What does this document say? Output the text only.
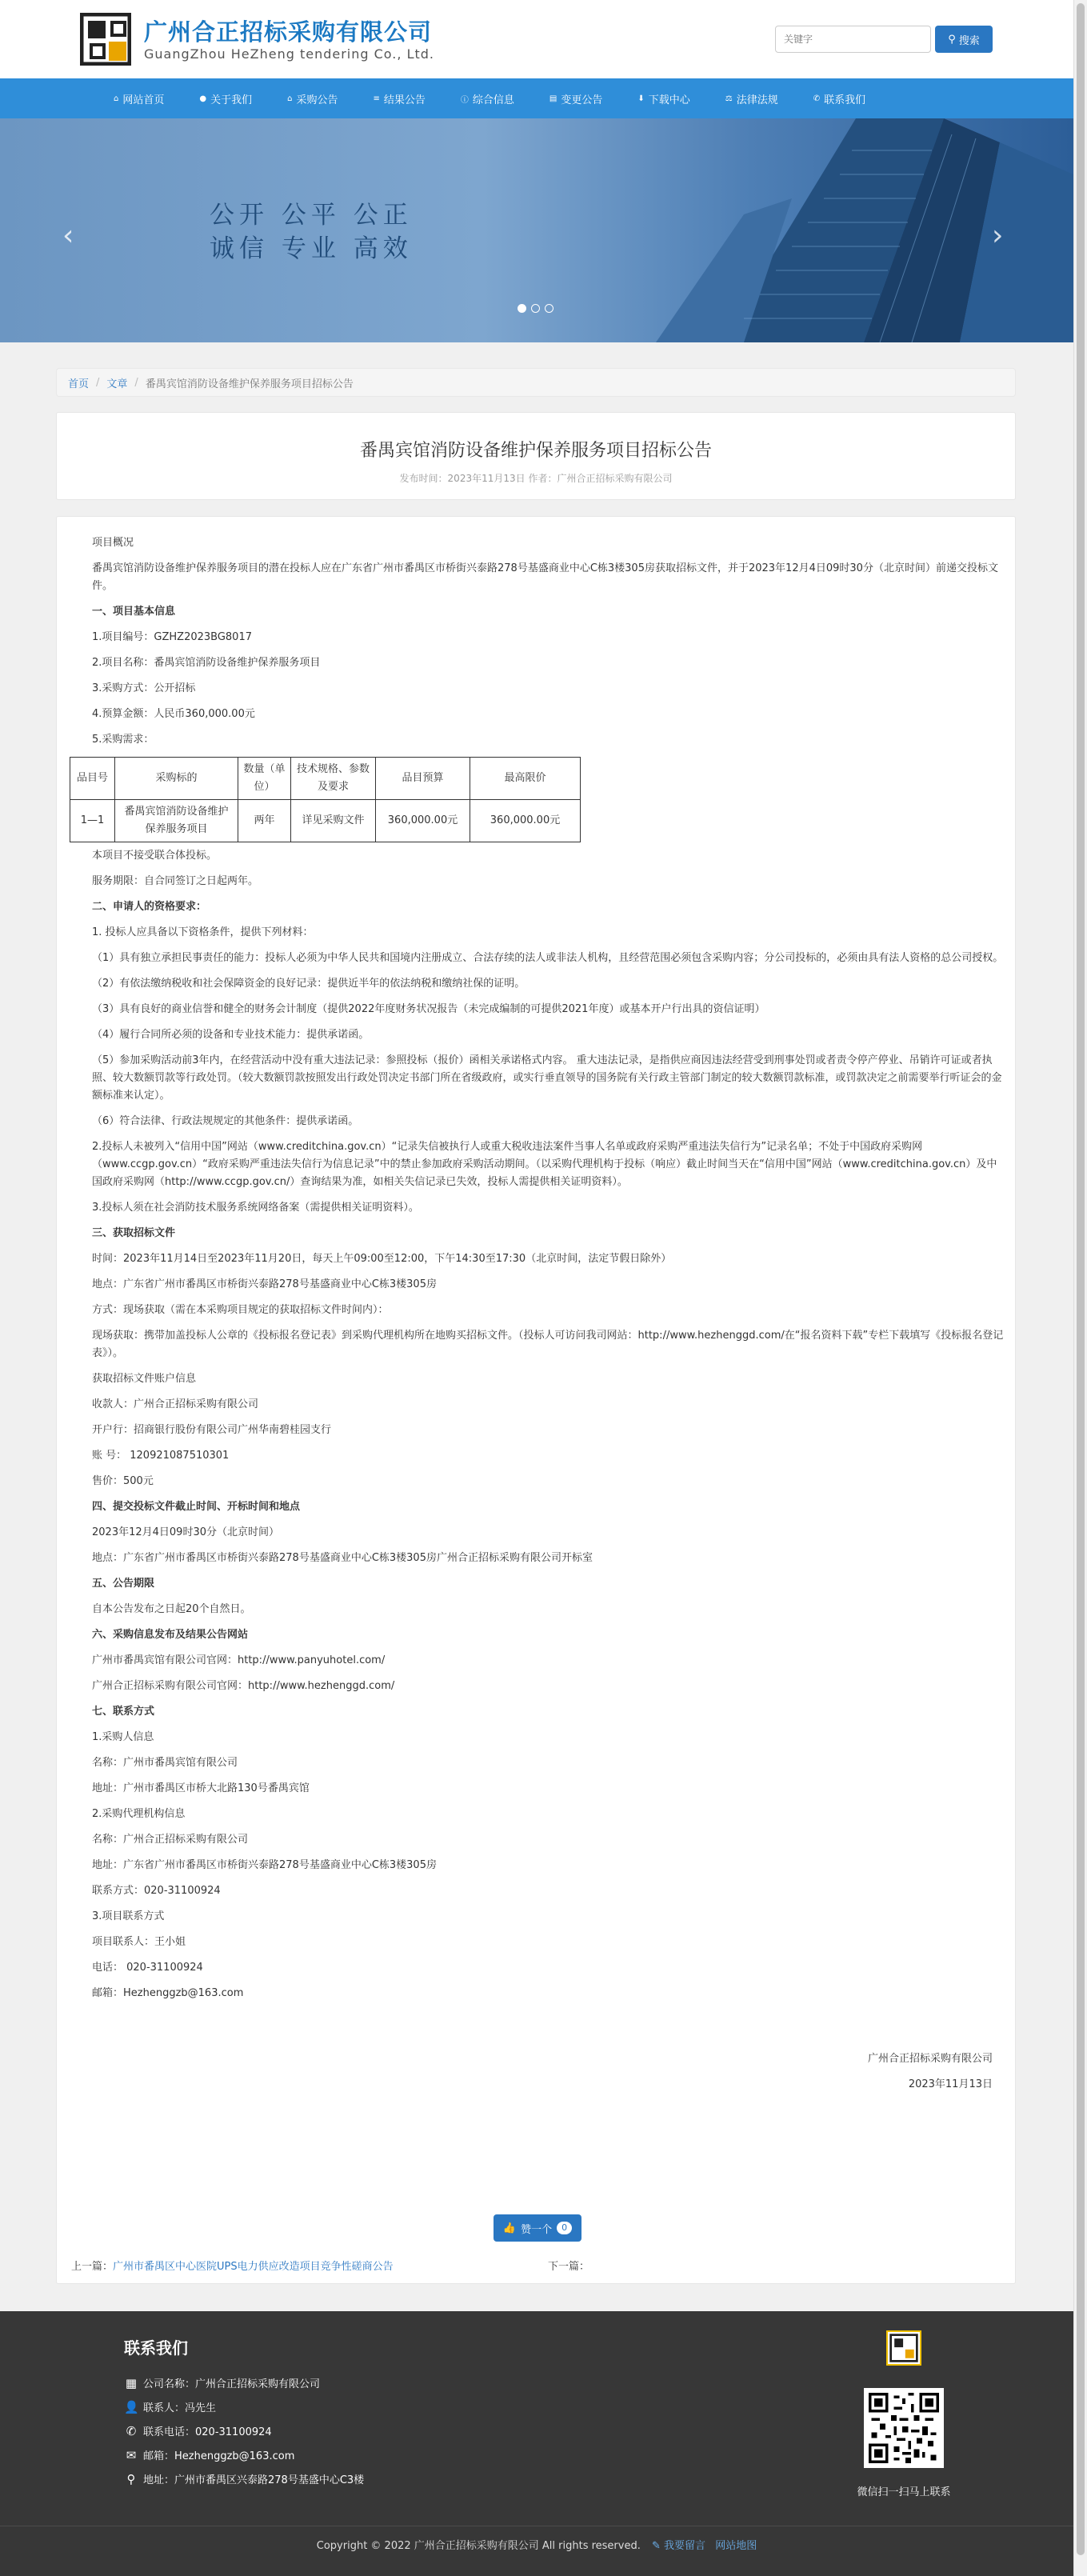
广州合正招标采购有限公司
GuangZhou HeZheng tendering Co., Ltd.
关键字
⚲ 搜索
⌂ 网站首页	● 关于我们	⌂ 采购公告	≡ 结果公告	ⓘ 综合信息	▤ 变更公告	⬇ 下载中心	⚖ 法律法规	✆ 联系我们
公开 公平 公正
诚信 专业 高效
‹	›
首页 / 文章 / 番禺宾馆消防设备维护保养服务项目招标公告
番禺宾馆消防设备维护保养服务项目招标公告
发布时间：2023年11月13日 作者：广州合正招标采购有限公司

项目概况

番禺宾馆消防设备维护保养服务项目的潜在投标人应在广东省广州市番禺区市桥街兴泰路278号基盛商业中心C栋3楼305房获取招标文件，并于2023年12月4日09时30分（北京时间）前递交投标文件。

一、项目基本信息

1.项目编号：GZHZ2023BG8017

2.项目名称：番禺宾馆消防设备维护保养服务项目

3.采购方式：公开招标

4.预算金额：人民币360,000.00元

5.采购需求：

品目号	采购标的	数量（单位）	技术规格、参数及要求	品目预算	最高限价
1—1	番禺宾馆消防设备维护保养服务项目	两年	详见采购文件	360,000.00元	360,000.00元

本项目不接受联合体投标。

服务期限：自合同签订之日起两年。

二、申请人的资格要求：

1. 投标人应具备以下资格条件，提供下列材料：

（1）具有独立承担民事责任的能力：投标人必须为中华人民共和国境内注册成立、合法存续的法人或非法人机构，且经营范围必须包含采购内容；分公司投标的，必须由具有法人资格的总公司授权。

（2）有依法缴纳税收和社会保障资金的良好记录：提供近半年的依法纳税和缴纳社保的证明。

（3）具有良好的商业信誉和健全的财务会计制度（提供2022年度财务状况报告（未完成编制的可提供2021年度）或基本开户行出具的资信证明）

（4）履行合同所必须的设备和专业技术能力：提供承诺函。

（5）参加采购活动前3年内，在经营活动中没有重大违法记录：参照投标（报价）函相关承诺格式内容。 重大违法记录，是指供应商因违法经营受到刑事处罚或者责令停产停业、吊销许可证或者执照、较大数额罚款等行政处罚。（较大数额罚款按照发出行政处罚决定书部门所在省级政府，或实行垂直领导的国务院有关行政主管部门制定的较大数额罚款标准，或罚款决定之前需要举行听证会的金额标准来认定）。

（6）符合法律、行政法规规定的其他条件：提供承诺函。

2.投标人未被列入“信用中国”网站（www.creditchina.gov.cn）“记录失信被执行人或重大税收违法案件当事人名单或政府采购严重违法失信行为”记录名单；不处于中国政府采购网（www.ccgp.gov.cn）“政府采购严重违法失信行为信息记录”中的禁止参加政府采购活动期间。（以采购代理机构于投标（响应）截止时间当天在“信用中国”网站（www.creditchina.gov.cn）及中国政府采购网（http://www.ccgp.gov.cn/）查询结果为准，如相关失信记录已失效，投标人需提供相关证明资料）。

3.投标人须在社会消防技术服务系统网络备案（需提供相关证明资料）。

三、获取招标文件

时间：2023年11月14日至2023年11月20日，每天上午09:00至12:00，下午14:30至17:30（北京时间，法定节假日除外）

地点：广东省广州市番禺区市桥街兴泰路278号基盛商业中心C栋3楼305房

方式：现场获取（需在本采购项目规定的获取招标文件时间内）：

现场获取：携带加盖投标人公章的《投标报名登记表》到采购代理机构所在地购买招标文件。（投标人可访问我司网站：http://www.hezhenggd.com/在“报名资料下载”专栏下载填写《投标报名登记表》）。

获取招标文件账户信息

收款人：广州合正招标采购有限公司

开户行：招商银行股份有限公司广州华南碧桂园支行

账 号： 120921087510301

售价：500元

四、提交投标文件截止时间、开标时间和地点

2023年12月4日09时30分（北京时间）

地点：广东省广州市番禺区市桥街兴泰路278号基盛商业中心C栋3楼305房广州合正招标采购有限公司开标室

五、公告期限

自本公告发布之日起20个自然日。

六、采购信息发布及结果公告网站

广州市番禺宾馆有限公司官网：http://www.panyuhotel.com/

广州合正招标采购有限公司官网：http://www.hezhenggd.com/

七、联系方式

1.采购人信息

名称：广州市番禺宾馆有限公司

地址：广州市番禺区市桥大北路130号番禺宾馆

2.采购代理机构信息

名称：广州合正招标采购有限公司

地址：广东省广州市番禺区市桥街兴泰路278号基盛商业中心C栋3楼305房

联系方式：020-31100924

3.项目联系方式

项目联系人：王小姐

电话： 020-31100924

邮箱：Hezhenggzb@163.com

广州合正招标采购有限公司

2023年11月13日

👍 赞一个	0
上一篇：广州市番禺区中心医院UPS电力供应改造项目竞争性磋商公告	下一篇：
联系我们
▦ 公司名称：广州合正招标采购有限公司
👤 联系人：冯先生
✆ 联系电话：020-31100924
✉ 邮箱：Hezhenggzb@163.com
⚲ 地址：广州市番禺区兴泰路278号基盛中心C3楼
微信扫一扫马上联系
Copyright © 2022 广州合正招标采购有限公司 All rights reserved. ✎ 我要留言 网站地图
